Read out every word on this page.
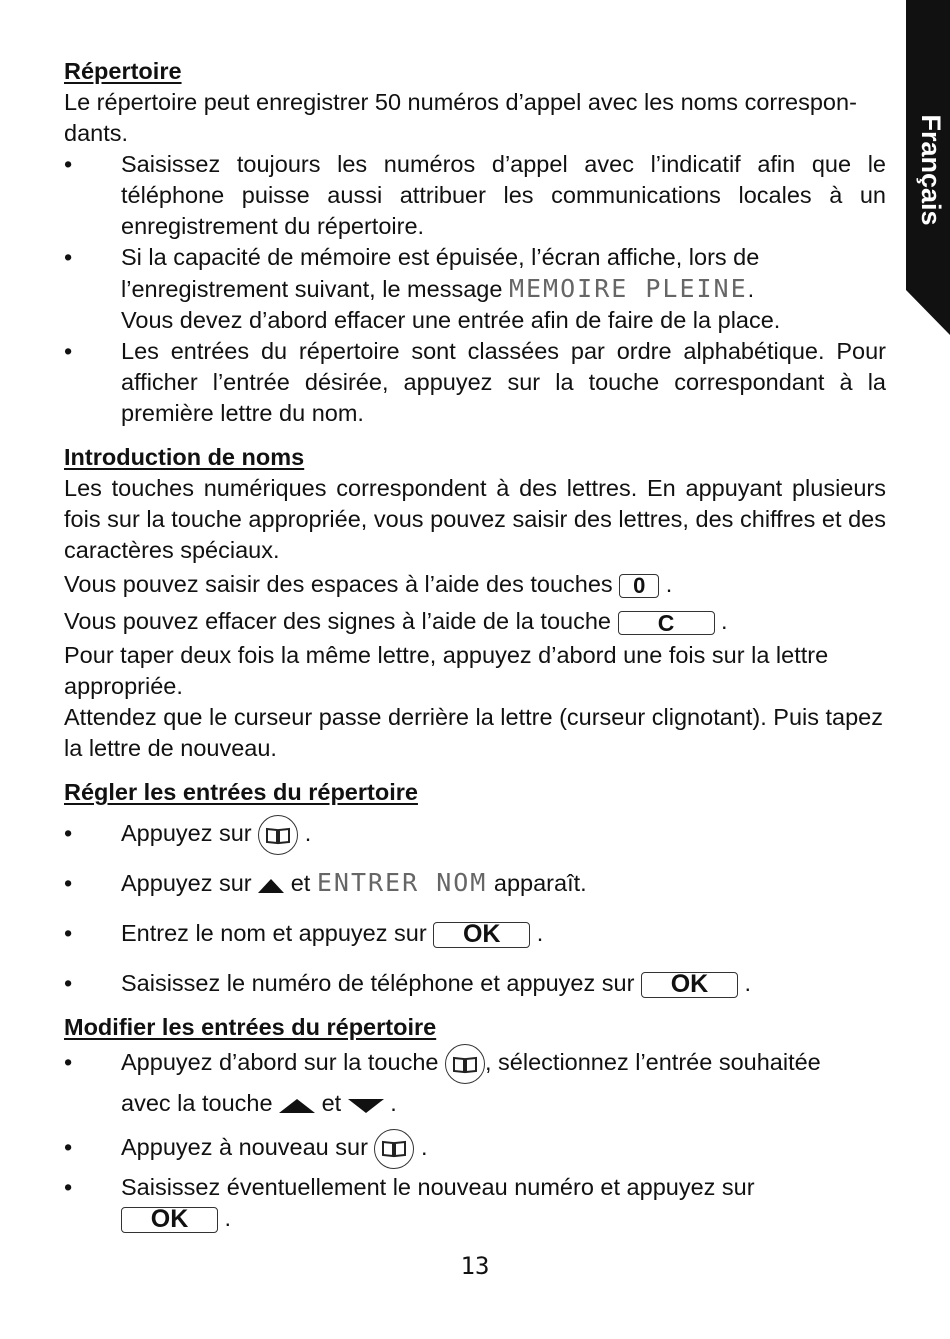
Français

Répertoire

Le répertoire peut enregistrer 50 numéros d’appel avec les noms correspon-dants.

• Saisissez toujours les numéros d’appel avec l’indicatif afin que le téléphone puisse aussi attribuer les communications locales à un enregistrement du répertoire.
• Si la capacité de mémoire est épuisée, l’écran affiche, lors de l’enregistrement suivant, le message MEMOIRE PLEINE.
Vous devez d’abord effacer une entrée afin de faire de la place.
• Les entrées du répertoire sont classées par ordre alphabétique. Pour afficher l’entrée désirée, appuyez sur la touche correspondant à la première lettre du nom.

Introduction de noms

Les touches numériques correspondent à des lettres. En appuyant plusieurs fois sur la touche appropriée, vous pouvez saisir des lettres, des chiffres et des caractères spéciaux.

Vous pouvez saisir des espaces à l’aide des touches 0 .

Vous pouvez effacer des signes à l’aide de la touche C .

Pour taper deux fois la même lettre, appuyez d’abord une fois sur la lettre appropriée.

Attendez que le curseur passe derrière la lettre (curseur clignotant). Puis tapez la lettre de nouveau.

Régler les entrées du répertoire

• Appuyez sur .
• Appuyez sur et ENTRER NOM apparaît.
• Entrez le nom et appuyez sur OK .
• Saisissez le numéro de téléphone et appuyez sur OK .

Modifier les entrées du répertoire

• Appuyez d’abord sur la touche , sélectionnez l’entrée souhaitée
avec la touche et .
• Appuyez à nouveau sur .
• Saisissez éventuellement le nouveau numéro et appuyez sur
OK .
13
